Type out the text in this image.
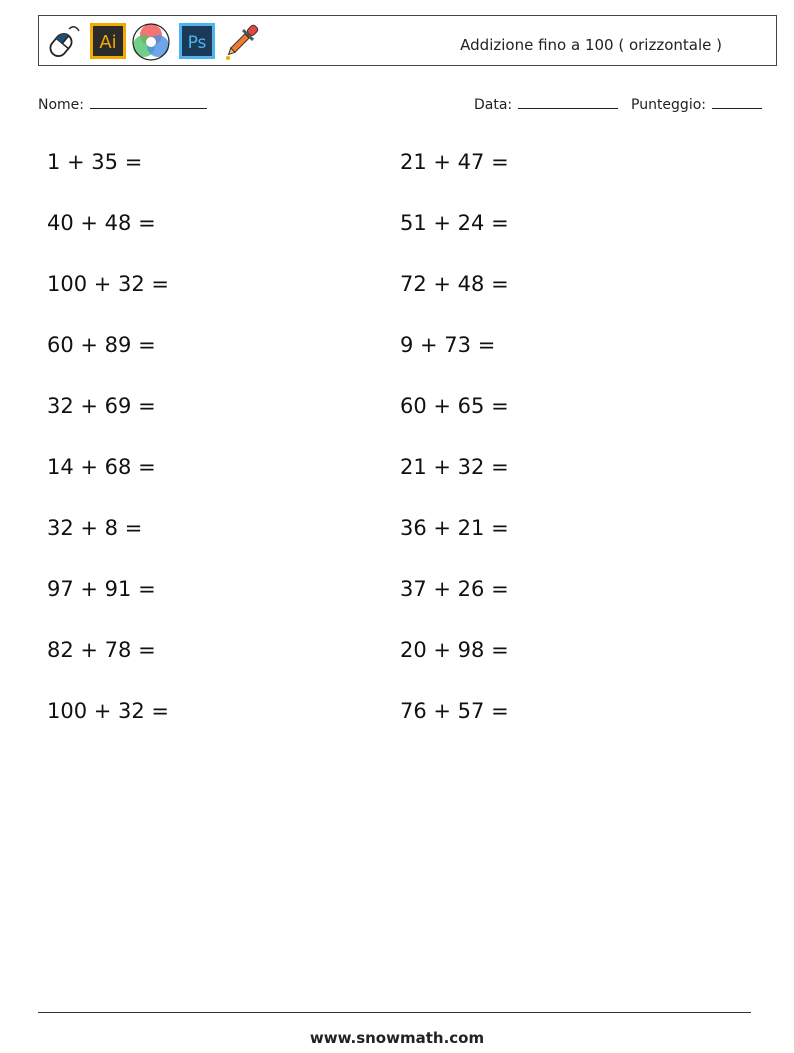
Ai	Ps	Addizione fino a 100 ( orizzontale )
Nome:	Data:	Punteggio:
1 + 35 =
40 + 48 =
100 + 32 =
60 + 89 =
32 + 69 =
14 + 68 =
32 + 8 =
97 + 91 =
82 + 78 =
100 + 32 =
21 + 47 =
51 + 24 =
72 + 48 =
9 + 73 =
60 + 65 =
21 + 32 =
36 + 21 =
37 + 26 =
20 + 98 =
76 + 57 =
www.snowmath.com
